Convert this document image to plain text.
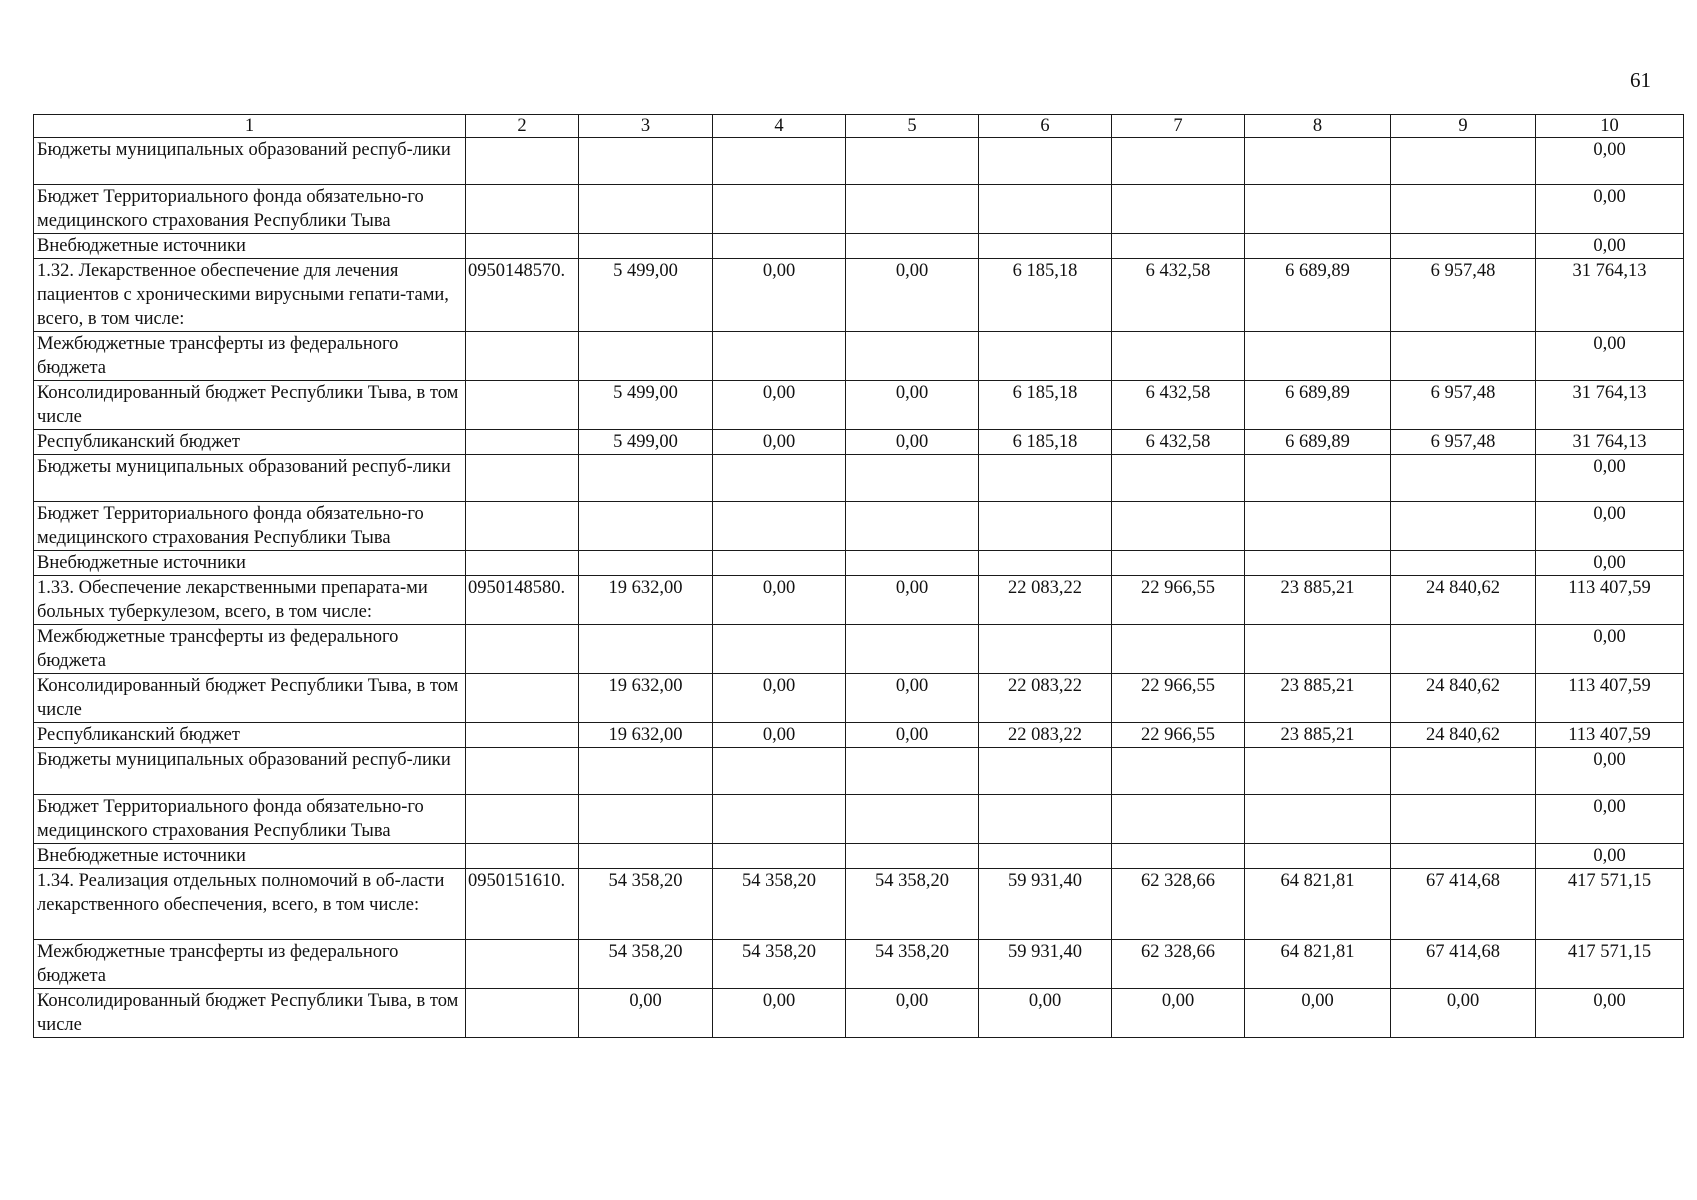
61
1	2	3	4	5	6	7	8	9	10
Бюджеты муниципальных образований респуб-лики									0,00
Бюджет Территориального фонда обязательно-го медицинского страхования Республики Тыва									0,00
Внебюджетные источники									0,00
1.32. Лекарственное обеспечение для лечения пациентов с хроническими вирусными гепати-тами, всего, в том числе:	0950148570.	5 499,00	0,00	0,00	6 185,18	6 432,58	6 689,89	6 957,48	31 764,13
Межбюджетные трансферты из федерального бюджета									0,00
Консолидированный бюджет Республики Тыва, в том числе		5 499,00	0,00	0,00	6 185,18	6 432,58	6 689,89	6 957,48	31 764,13
Республиканский бюджет		5 499,00	0,00	0,00	6 185,18	6 432,58	6 689,89	6 957,48	31 764,13
Бюджеты муниципальных образований респуб-лики									0,00
Бюджет Территориального фонда обязательно-го медицинского страхования Республики Тыва									0,00
Внебюджетные источники									0,00
1.33. Обеспечение лекарственными препарата-ми больных туберкулезом, всего, в том числе:	0950148580.	19 632,00	0,00	0,00	22 083,22	22 966,55	23 885,21	24 840,62	113 407,59
Межбюджетные трансферты из федерального бюджета									0,00
Консолидированный бюджет Республики Тыва, в том числе		19 632,00	0,00	0,00	22 083,22	22 966,55	23 885,21	24 840,62	113 407,59
Республиканский бюджет		19 632,00	0,00	0,00	22 083,22	22 966,55	23 885,21	24 840,62	113 407,59
Бюджеты муниципальных образований респуб-лики									0,00
Бюджет Территориального фонда обязательно-го медицинского страхования Республики Тыва									0,00
Внебюджетные источники									0,00
1.34. Реализация отдельных полномочий в об-ласти лекарственного обеспечения, всего, в том числе:	0950151610.	54 358,20	54 358,20	54 358,20	59 931,40	62 328,66	64 821,81	67 414,68	417 571,15
Межбюджетные трансферты из федерального бюджета		54 358,20	54 358,20	54 358,20	59 931,40	62 328,66	64 821,81	67 414,68	417 571,15
Консолидированный бюджет Республики Тыва, в том числе		0,00	0,00	0,00	0,00	0,00	0,00	0,00	0,00
